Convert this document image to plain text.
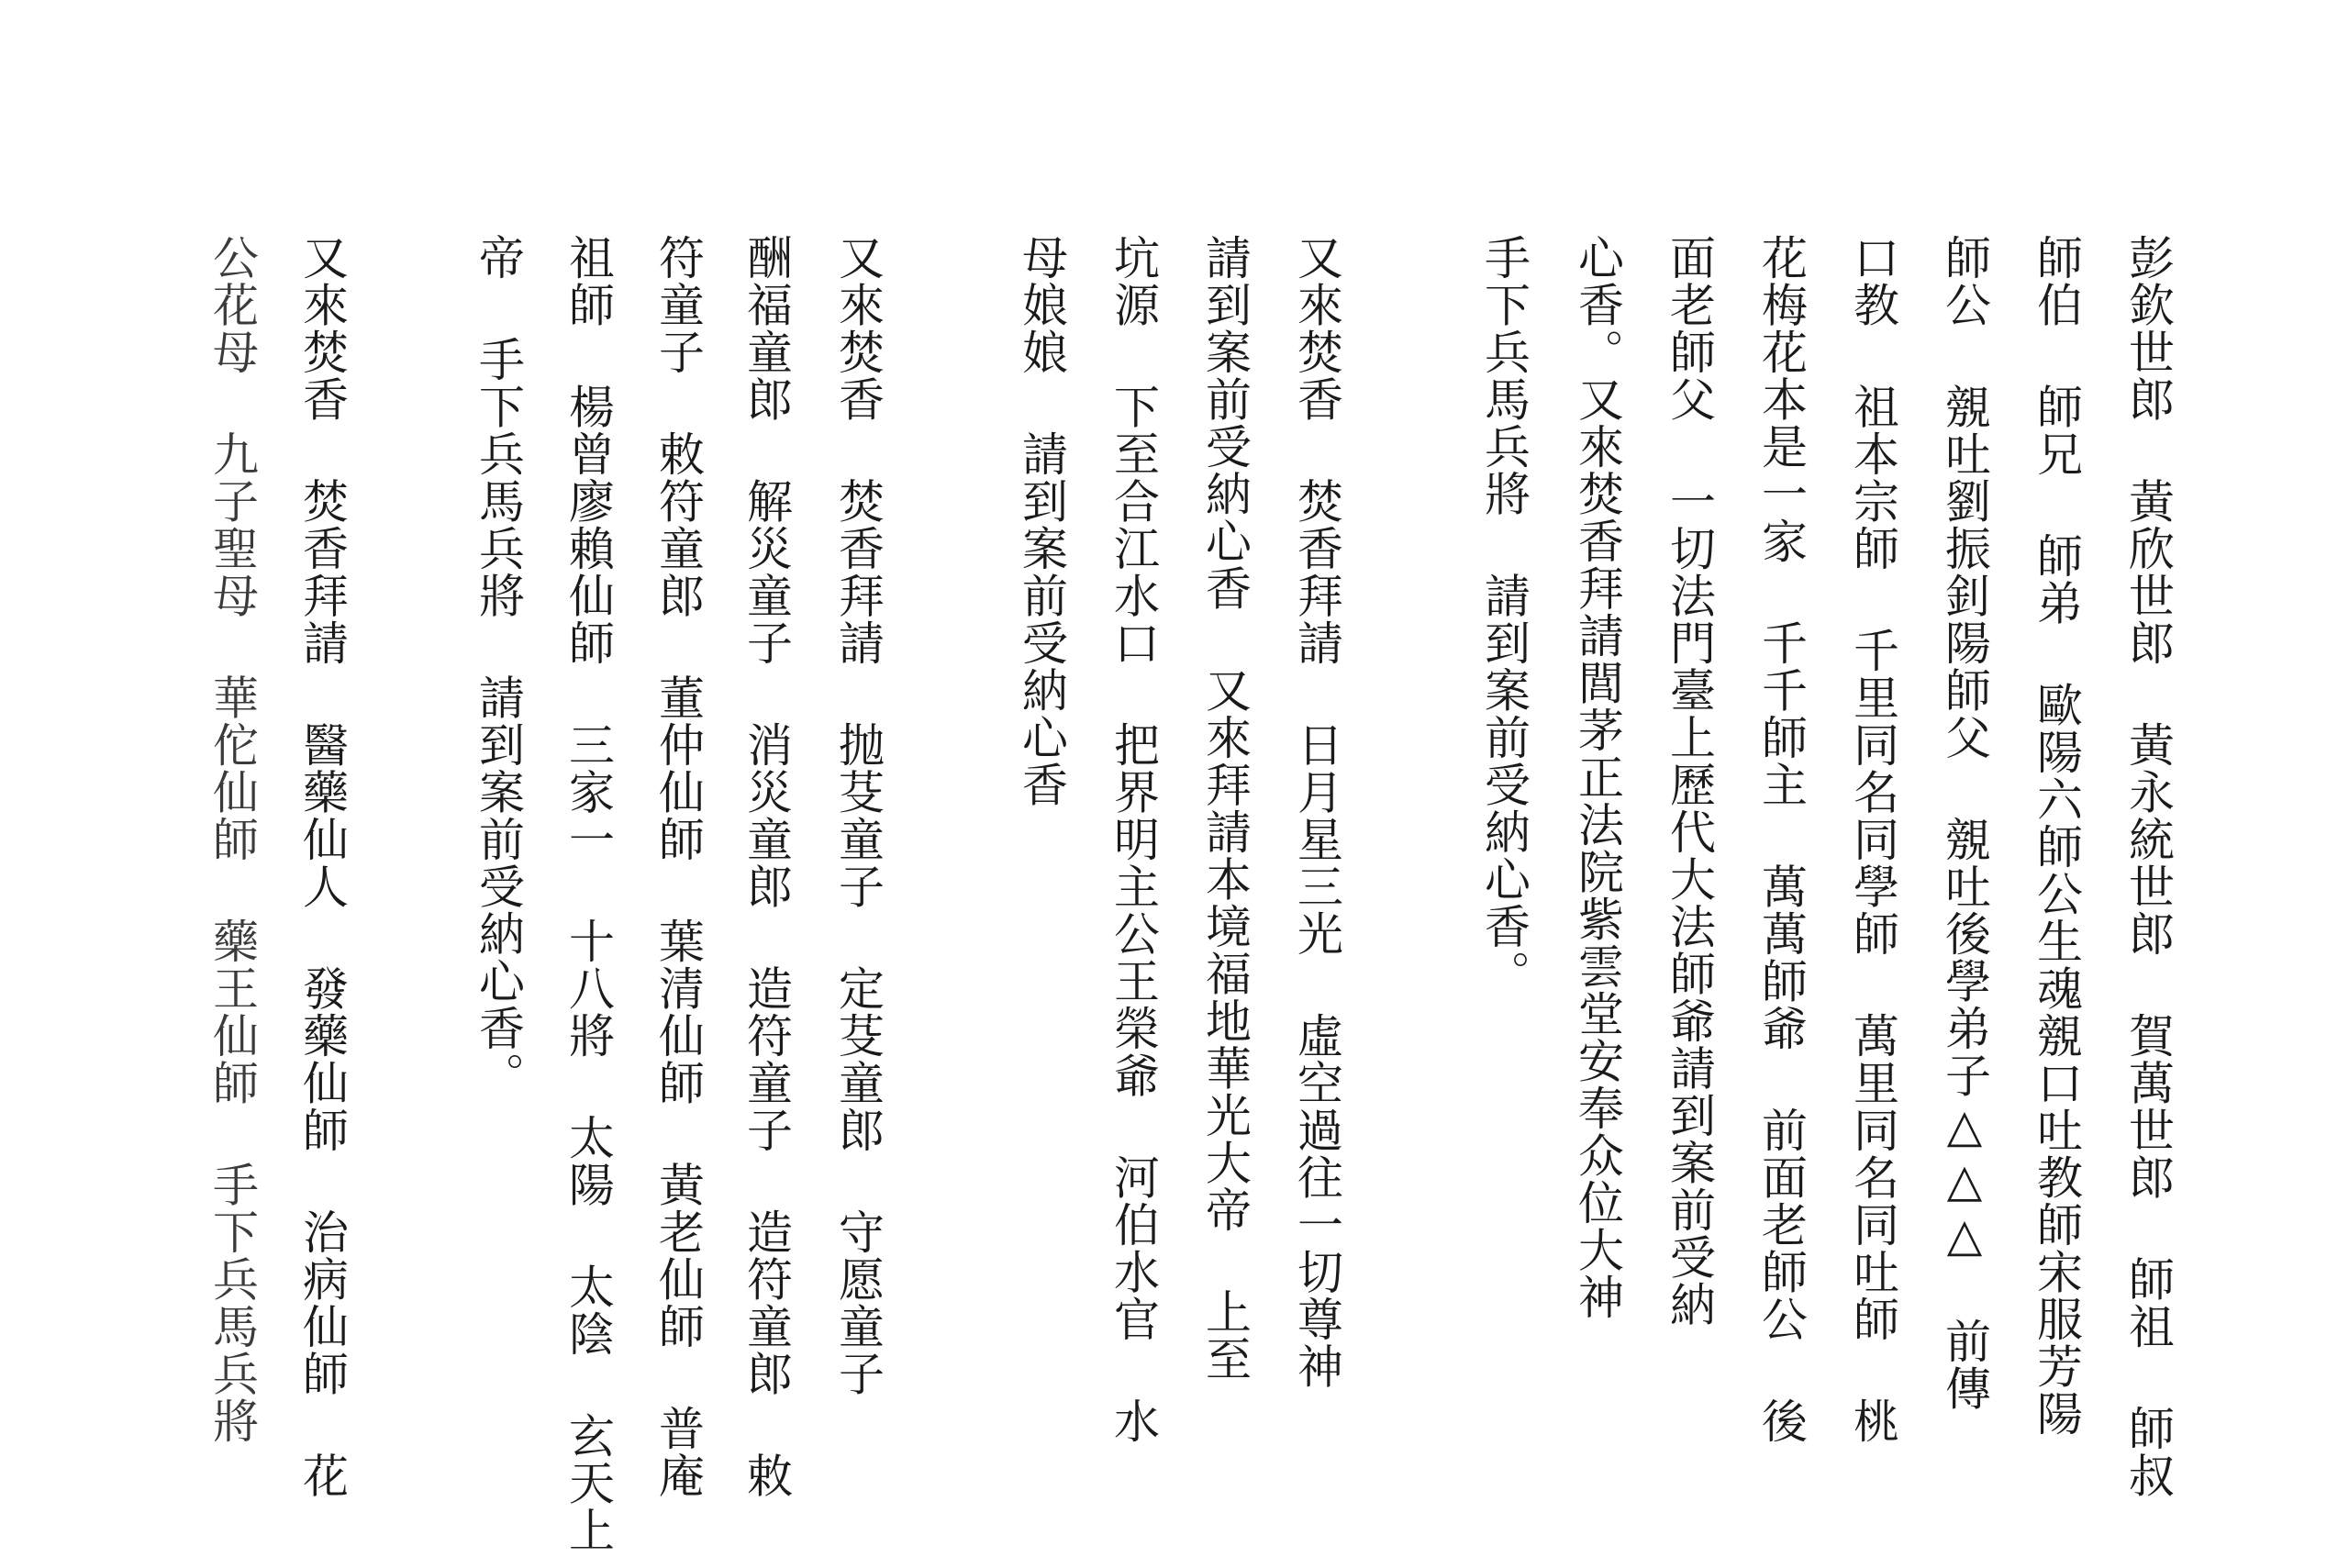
彭欽世郎 黃欣世郎 黃永統世郎 賀萬世郎 師祖 師叔
師伯 師兄 師弟 歐陽六師公生魂覫口吐教師宋服芳陽
師公 覫吐劉振釗陽師父 覫吐後學弟子△△△ 前傳
口教 祖本宗師 千里同名同學師 萬里同名同吐師 桃
花梅花本是一家 千千師主 萬萬師爺 前面老師公 後
面老師父 一切法門臺上歷代大法師爺請到案前受納
心香。又來焚香拜請閭茅正法院紫雲堂安奉众位大神
手下兵馬兵將 請到案前受納心香。
又來焚香 焚香拜請 日月星三光 虛空過往一切尊神
請到案前受納心香 又來拜請本境福地華光大帝 上至
坑源 下至合江水口 把界明主公王榮爺 河伯水官 水
母娘娘 請到案前受納心香
又來焚香 焚香拜請 抛芟童子 定芟童郎 守愿童子
酬福童郎 解災童子 消災童郎 造符童子 造符童郎 敕
符童子 敕符童郎 董仲仙師 葉清仙師 黃老仙師 普庵
祖師 楊曾廖賴仙師 三家一 十八將 太陽 太陰 玄天上
帝 手下兵馬兵將 請到案前受納心香。
又來焚香 焚香拜請 醫藥仙人 發藥仙師 治病仙師 花
公花母 九子聖母 華佗仙師 藥王仙師 手下兵馬兵將
